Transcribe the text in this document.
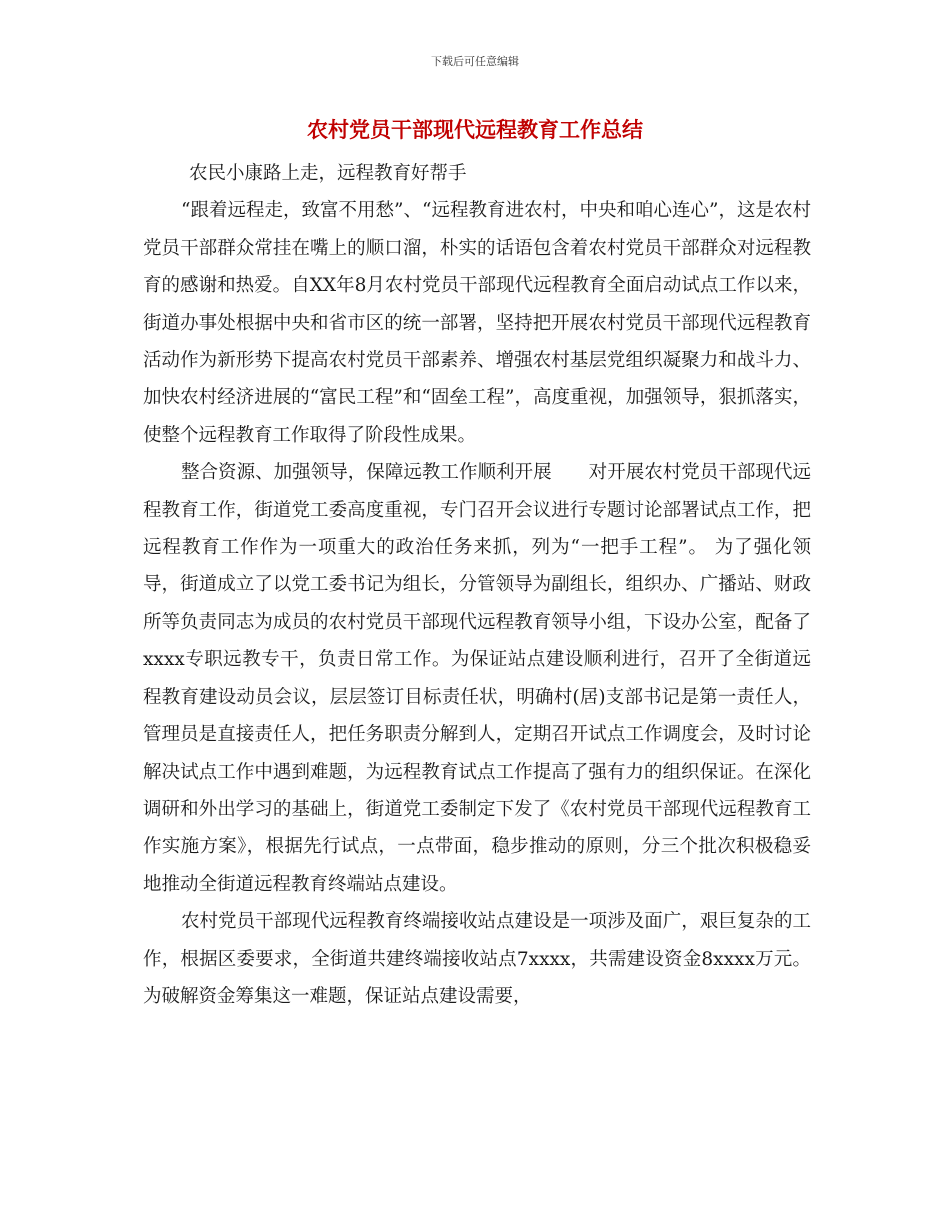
下载后可任意编辑
农村党员干部现代远程教育工作总结

农民小康路上走，远程教育好帮手

“跟着远程走，致富不用愁”、“远程教育进农村，中央和咱心连心”，这是农村党员干部群众常挂在嘴上的顺口溜，朴实的话语包含着农村党员干部群众对远程教育的感谢和热爱。自XX年8月农村党员干部现代远程教育全面启动试点工作以来，街道办事处根据中央和省市区的统一部署，坚持把开展农村党员干部现代远程教育活动作为新形势下提高农村党员干部素养、增强农村基层党组织凝聚力和战斗力、加快农村经济进展的“富民工程”和“固垒工程”，高度重视，加强领导，狠抓落实，使整个远程教育工作取得了阶段性成果。

整合资源、加强领导，保障远教工作顺利开展　　对开展农村党员干部现代远程教育工作，街道党工委高度重视，专门召开会议进行专题讨论部署试点工作，把远程教育工作作为一项重大的政治任务来抓，列为“一把手工程”。 为了强化领导，街道成立了以党工委书记为组长，分管领导为副组长，组织办、广播站、财政所等负责同志为成员的农村党员干部现代远程教育领导小组，下设办公室，配备了xxxx专职远教专干，负责日常工作。为保证站点建设顺利进行，召开了全街道远程教育建设动员会议，层层签订目标责任状，明确村(居)支部书记是第一责任人，管理员是直接责任人，把任务职责分解到人，定期召开试点工作调度会，及时讨论解决试点工作中遇到难题，为远程教育试点工作提高了强有力的组织保证。在深化调研和外出学习的基础上，街道党工委制定下发了《农村党员干部现代远程教育工作实施方案》，根据先行试点，一点带面，稳步推动的原则，分三个批次积极稳妥地推动全街道远程教育终端站点建设。

农村党员干部现代远程教育终端接收站点建设是一项涉及面广，艰巨复杂的工作，根据区委要求，全街道共建终端接收站点7xxxx，共需建设资金8xxxx万元。为破解资金筹集这一难题，保证站点建设需要，
